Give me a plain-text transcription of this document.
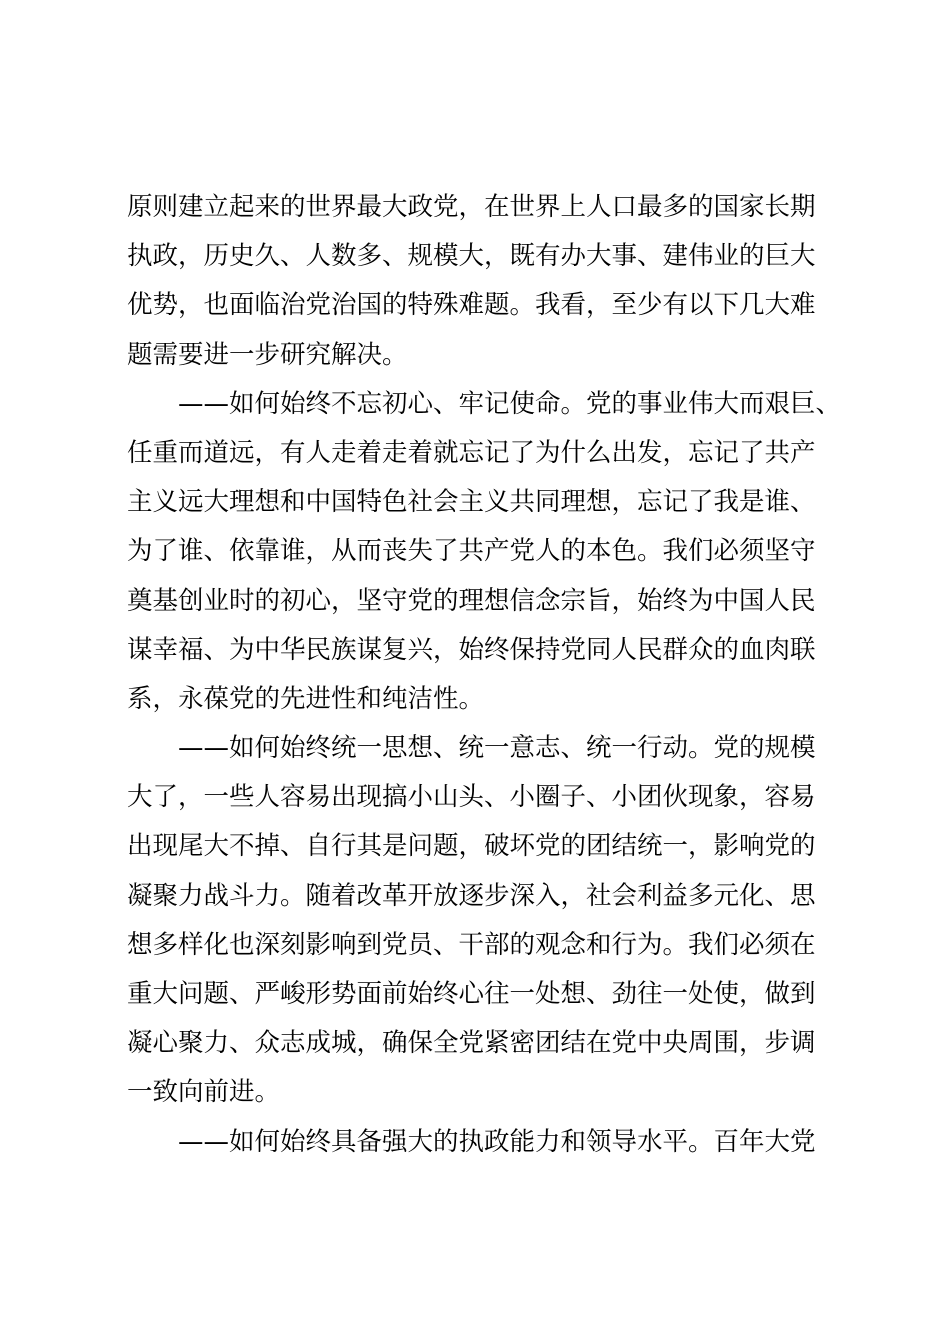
原则建立起来的世界最大政党，在世界上人口最多的国家长期
执政，历史久、人数多、规模大，既有办大事、建伟业的巨大
优势，也面临治党治国的特殊难题。我看，至少有以下几大难
题需要进一步研究解决。
——如何始终不忘初心、牢记使命。党的事业伟大而艰巨、
任重而道远，有人走着走着就忘记了为什么出发，忘记了共产
主义远大理想和中国特色社会主义共同理想，忘记了我是谁、
为了谁、依靠谁，从而丧失了共产党人的本色。我们必须坚守
奠基创业时的初心，坚守党的理想信念宗旨，始终为中国人民
谋幸福、为中华民族谋复兴，始终保持党同人民群众的血肉联
系，永葆党的先进性和纯洁性。
——如何始终统一思想、统一意志、统一行动。党的规模
大了，一些人容易出现搞小山头、小圈子、小团伙现象，容易
出现尾大不掉、自行其是问题，破坏党的团结统一，影响党的
凝聚力战斗力。随着改革开放逐步深入，社会利益多元化、思
想多样化也深刻影响到党员、干部的观念和行为。我们必须在
重大问题、严峻形势面前始终心往一处想、劲往一处使，做到
凝心聚力、众志成城，确保全党紧密团结在党中央周围，步调
一致向前进。
——如何始终具备强大的执政能力和领导水平。百年大党
